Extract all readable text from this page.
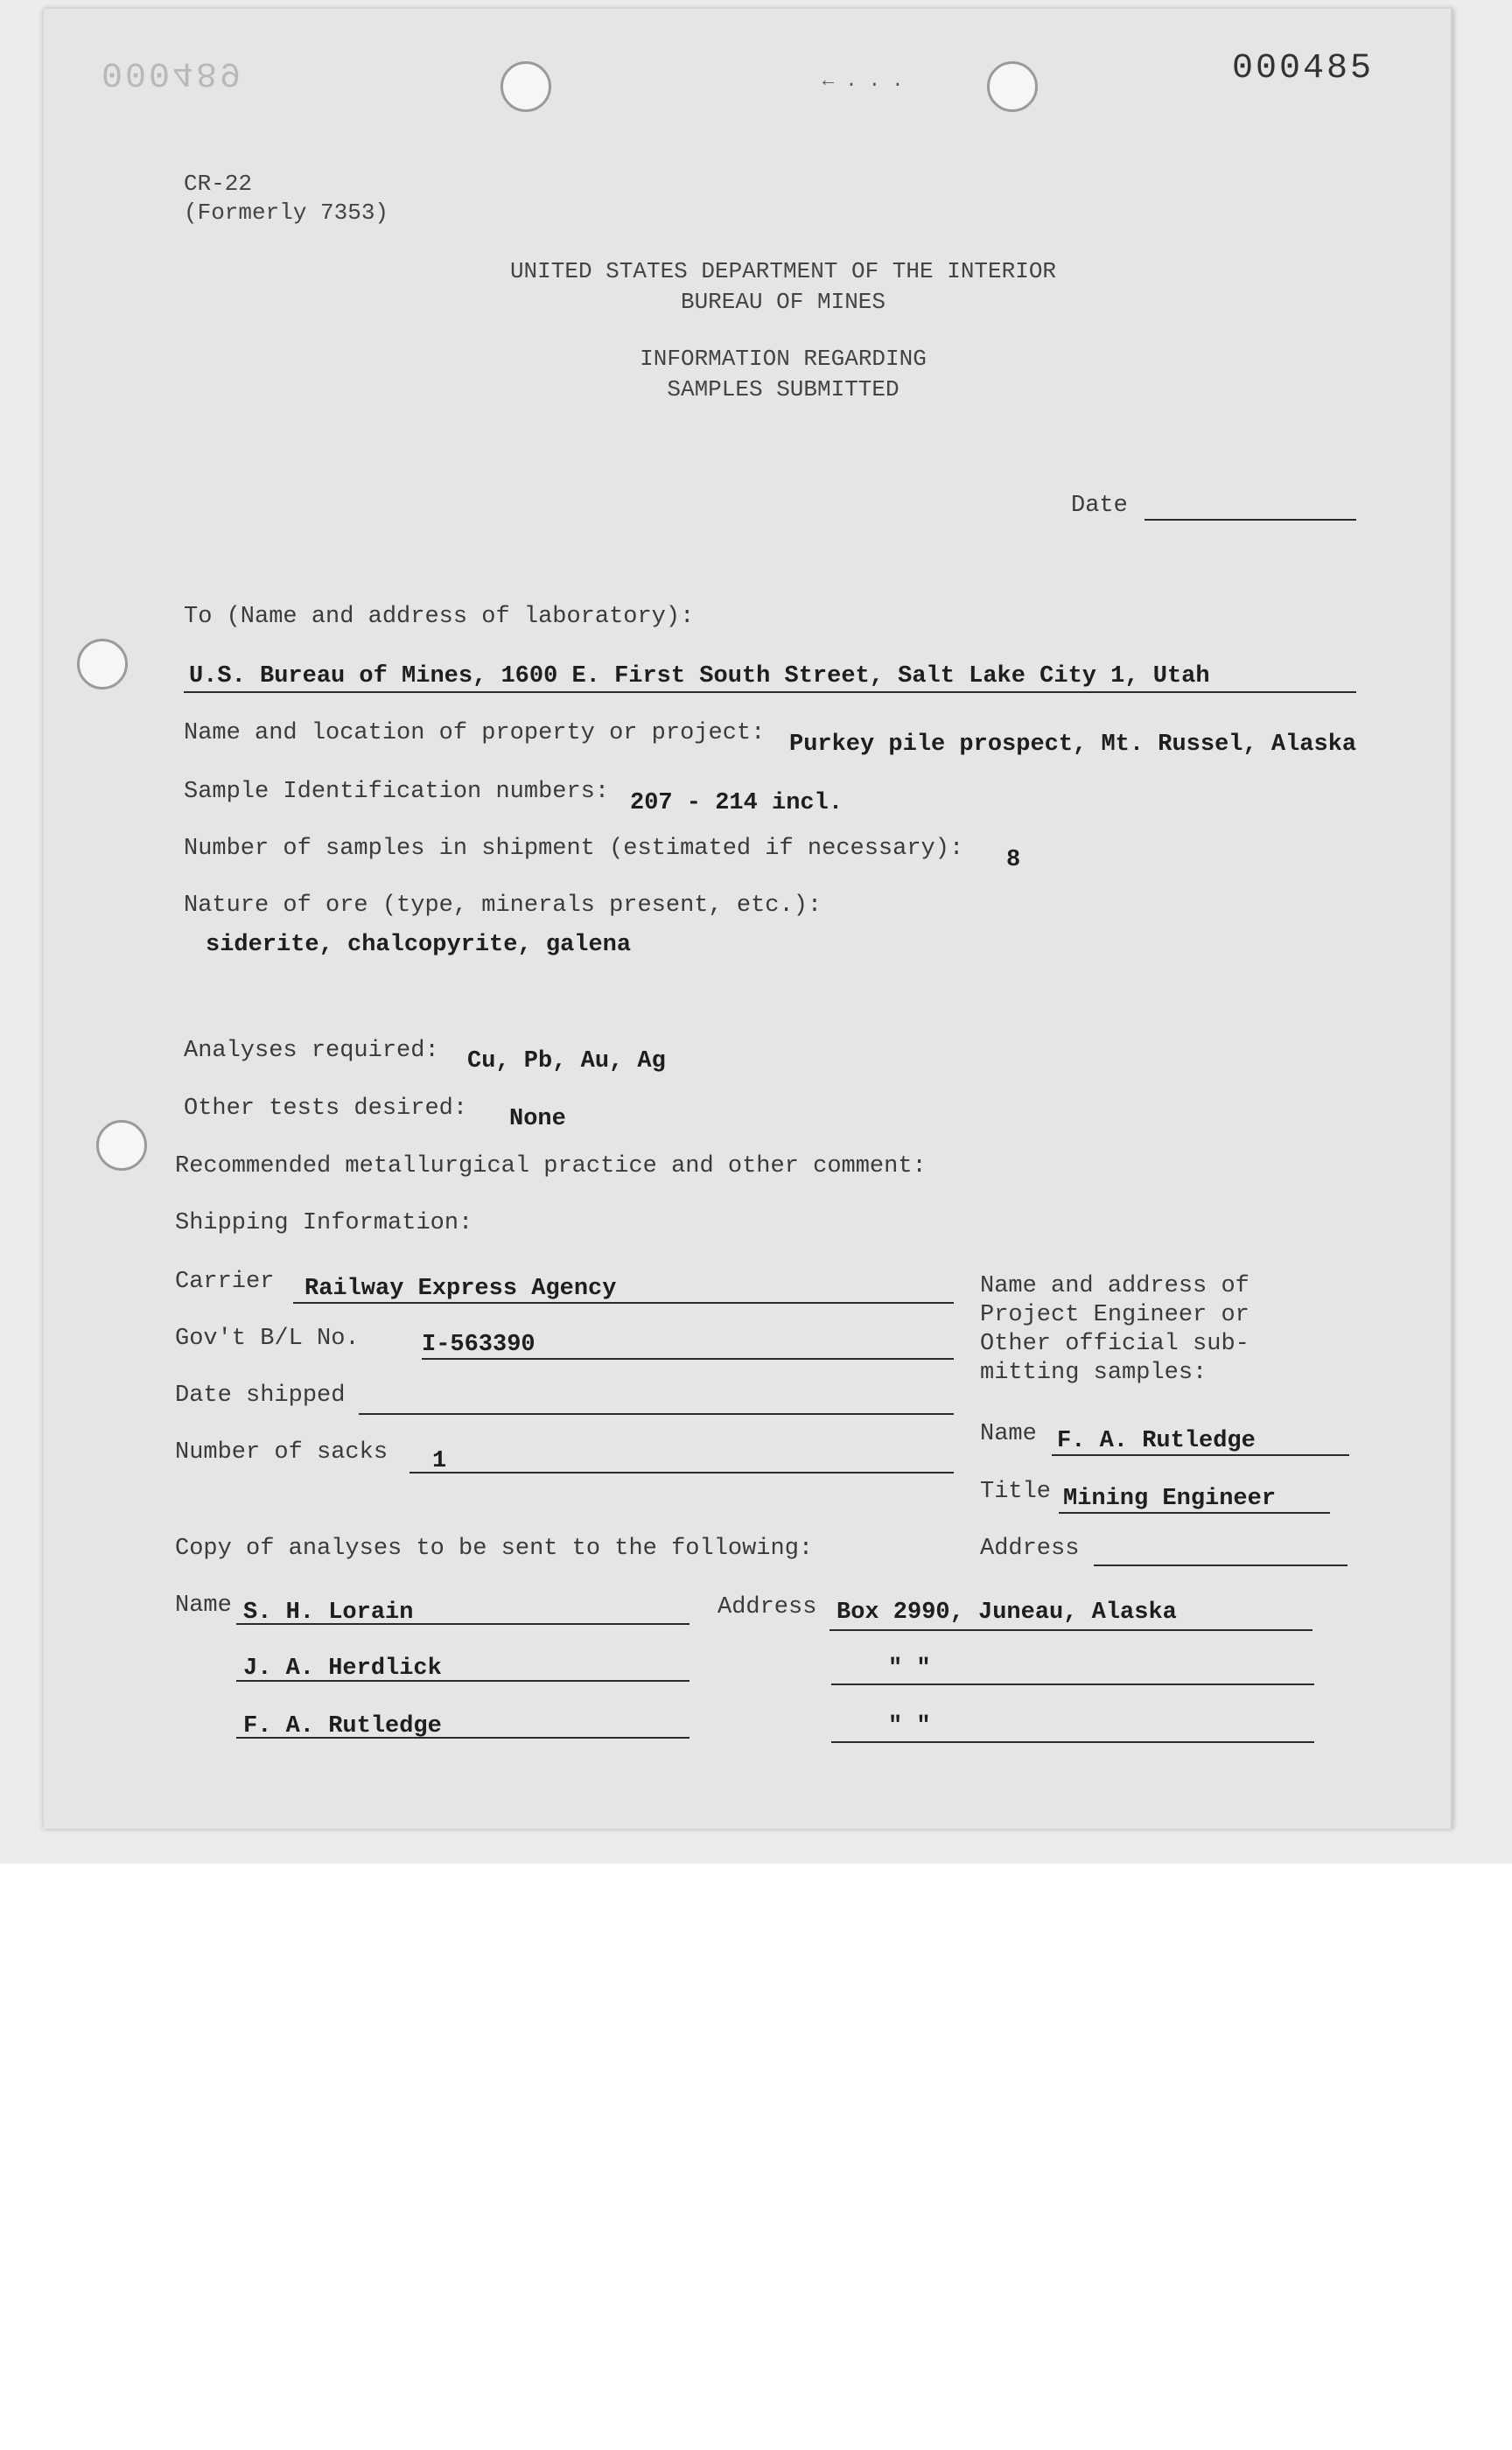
000489	000485
← . . .
CR-22
(Formerly 7353)
UNITED STATES DEPARTMENT OF THE INTERIOR
BUREAU OF MINES
INFORMATION REGARDING
SAMPLES SUBMITTED
Date
To (Name and address of laboratory):
U.S. Bureau of Mines, 1600 E. First South Street, Salt Lake City 1, Utah
Name and location of property or project: Purkey pile prospect, Mt. Russel, Alaska
Sample Identification numbers: 207 - 214 incl.
Number of samples in shipment (estimated if necessary): 8
Nature of ore (type, minerals present, etc.):
siderite, chalcopyrite, galena
Analyses required: Cu, Pb, Au, Ag
Other tests desired: None
Recommended metallurgical practice and other comment:
Shipping Information:
Carrier Railway Express Agency
Gov't B/L No.	I-563390
Date shipped
Number of sacks 1
Name and address of
Project Engineer or
Other official sub-
mitting samples:
Name F. A. Rutledge
Title Mining Engineer
Address
Copy of analyses to be sent to the following:
Name S. H. Lorain	Address Box 2990, Juneau, Alaska
J. A. Herdlick	" "
F. A. Rutledge	" "
